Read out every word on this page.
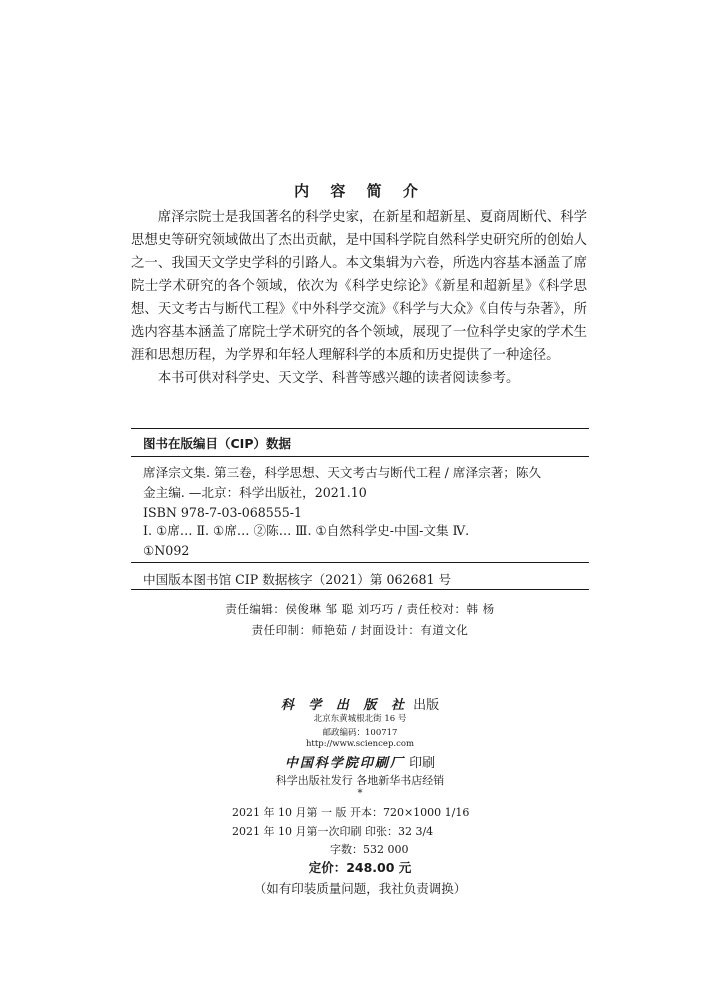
内 容 简 介

席泽宗院士是我国著名的科学史家，在新星和超新星、夏商周断代、科学思想史等研究领域做出了杰出贡献，是中国科学院自然科学史研究所的创始人之一、我国天文学史学科的引路人。本文集辑为六卷，所选内容基本涵盖了席院士学术研究的各个领域，依次为《科学史综论》《新星和超新星》《科学思想、天文考古与断代工程》《中外科学交流》《科学与大众》《自传与杂著》，所选内容基本涵盖了席院士学术研究的各个领域，展现了一位科学史家的学术生涯和思想历程，为学界和年轻人理解科学的本质和历史提供了一种途径。

本书可供对科学史、天文学、科普等感兴趣的读者阅读参考。

图书在版编目（CIP）数据
席泽宗文集. 第三卷，科学思想、天文考古与断代工程 / 席泽宗著；陈久
金主编. —北京：科学出版社，2021.10
ISBN 978-7-03-068555-1
Ⅰ. ①席… Ⅱ. ①席… ②陈… Ⅲ. ①自然科学史-中国-文集 Ⅳ.
①N092
中国版本图书馆 CIP 数据核字（2021）第 062681 号
责任编辑：侯俊琳 邹 聪 刘巧巧 / 责任校对：韩 杨
责任印制：师艳茹 / 封面设计：有道文化
科 学 出 版 社 出版
北京东黄城根北街 16 号
邮政编码：100717
http://www.sciencep.com
中国科学院印刷厂 印刷
科学出版社发行 各地新华书店经销
*
2021 年 10 月第 一 版 开本：720×1000 1/16
2021 年 10 月第一次印刷 印张：32 3/4
字数：532 000
定价：248.00 元
（如有印装质量问题，我社负责调换）
